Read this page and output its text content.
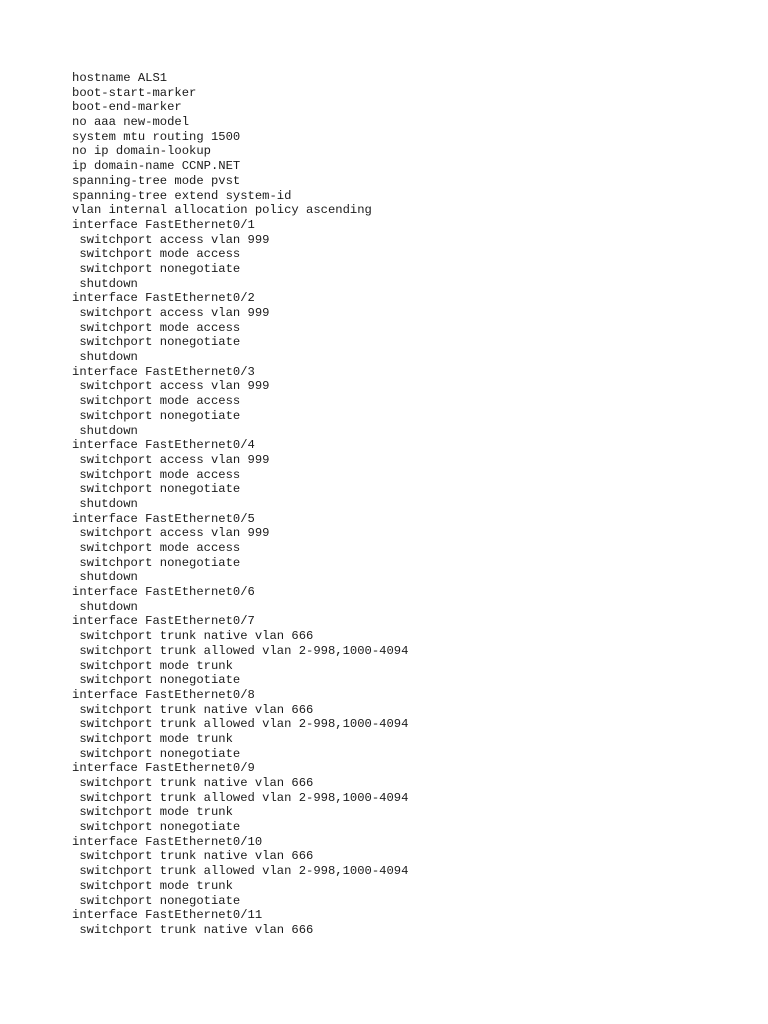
hostname ALS1
boot-start-marker
boot-end-marker
no aaa new-model
system mtu routing 1500
no ip domain-lookup
ip domain-name CCNP.NET
spanning-tree mode pvst
spanning-tree extend system-id
vlan internal allocation policy ascending
interface FastEthernet0/1
switchport access vlan 999
switchport mode access
switchport nonegotiate
shutdown
interface FastEthernet0/2
switchport access vlan 999
switchport mode access
switchport nonegotiate
shutdown
interface FastEthernet0/3
switchport access vlan 999
switchport mode access
switchport nonegotiate
shutdown
interface FastEthernet0/4
switchport access vlan 999
switchport mode access
switchport nonegotiate
shutdown
interface FastEthernet0/5
switchport access vlan 999
switchport mode access
switchport nonegotiate
shutdown
interface FastEthernet0/6
shutdown
interface FastEthernet0/7
switchport trunk native vlan 666
switchport trunk allowed vlan 2-998,1000-4094
switchport mode trunk
switchport nonegotiate
interface FastEthernet0/8
switchport trunk native vlan 666
switchport trunk allowed vlan 2-998,1000-4094
switchport mode trunk
switchport nonegotiate
interface FastEthernet0/9
switchport trunk native vlan 666
switchport trunk allowed vlan 2-998,1000-4094
switchport mode trunk
switchport nonegotiate
interface FastEthernet0/10
switchport trunk native vlan 666
switchport trunk allowed vlan 2-998,1000-4094
switchport mode trunk
switchport nonegotiate
interface FastEthernet0/11
switchport trunk native vlan 666
